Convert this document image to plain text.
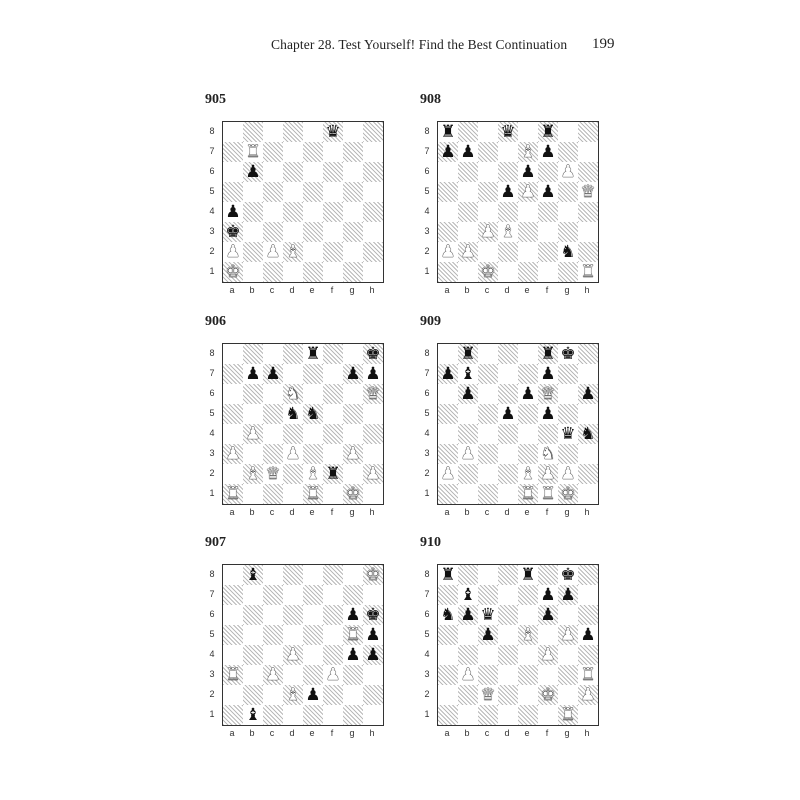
Chapter 28. Test Yourself! Find the Best Continuation 199
905
8
7
6
5
4
3
2
1
♛
♜
♟
♟
♚
♟ ♟ ♝
♚
a	b	c	d	e	f	g	h
908
8
7
6
5
4
3
2
1
♜	♛ ♜
♟ ♟	♝ ♟
♟ ♟
♟ ♟ ♟ ♛
♟ ♝
♟ ♟	♞
♚	♜
a	b	c	d	e	f	g	h
906
8
7
6
5
4
3
2
1
♜	♚
♟ ♟	♟ ♟
♞	♛
♞ ♞
♟
♟	♟	♟
♝ ♛ ♝ ♜ ♟
♜	♜ ♚
a	b	c	d	e	f	g	h
909
8
7
6
5
4
3
2
1
♜	♜ ♚
♟ ♝	♟
♟	♟ ♛ ♟
♟ ♟
♛ ♞
♟	♞
♟	♝ ♟ ♟
♜ ♜ ♚
a	b	c	d	e	f	g	h
907
8
7
6
5
4
3
2
1
♝	♚
♟ ♚
♜ ♟
♟	♟ ♟
♜ ♟	♟
♝ ♟
♝
a	b	c	d	e	f	g	h
910
8
7
6
5
4
3
2
1
♜	♜ ♚
♝	♟ ♟
♞ ♟ ♛	♟
♟ ♝ ♟ ♟
♟
♟	♜
♛	♚ ♟
♜
a	b	c	d	e	f	g	h
